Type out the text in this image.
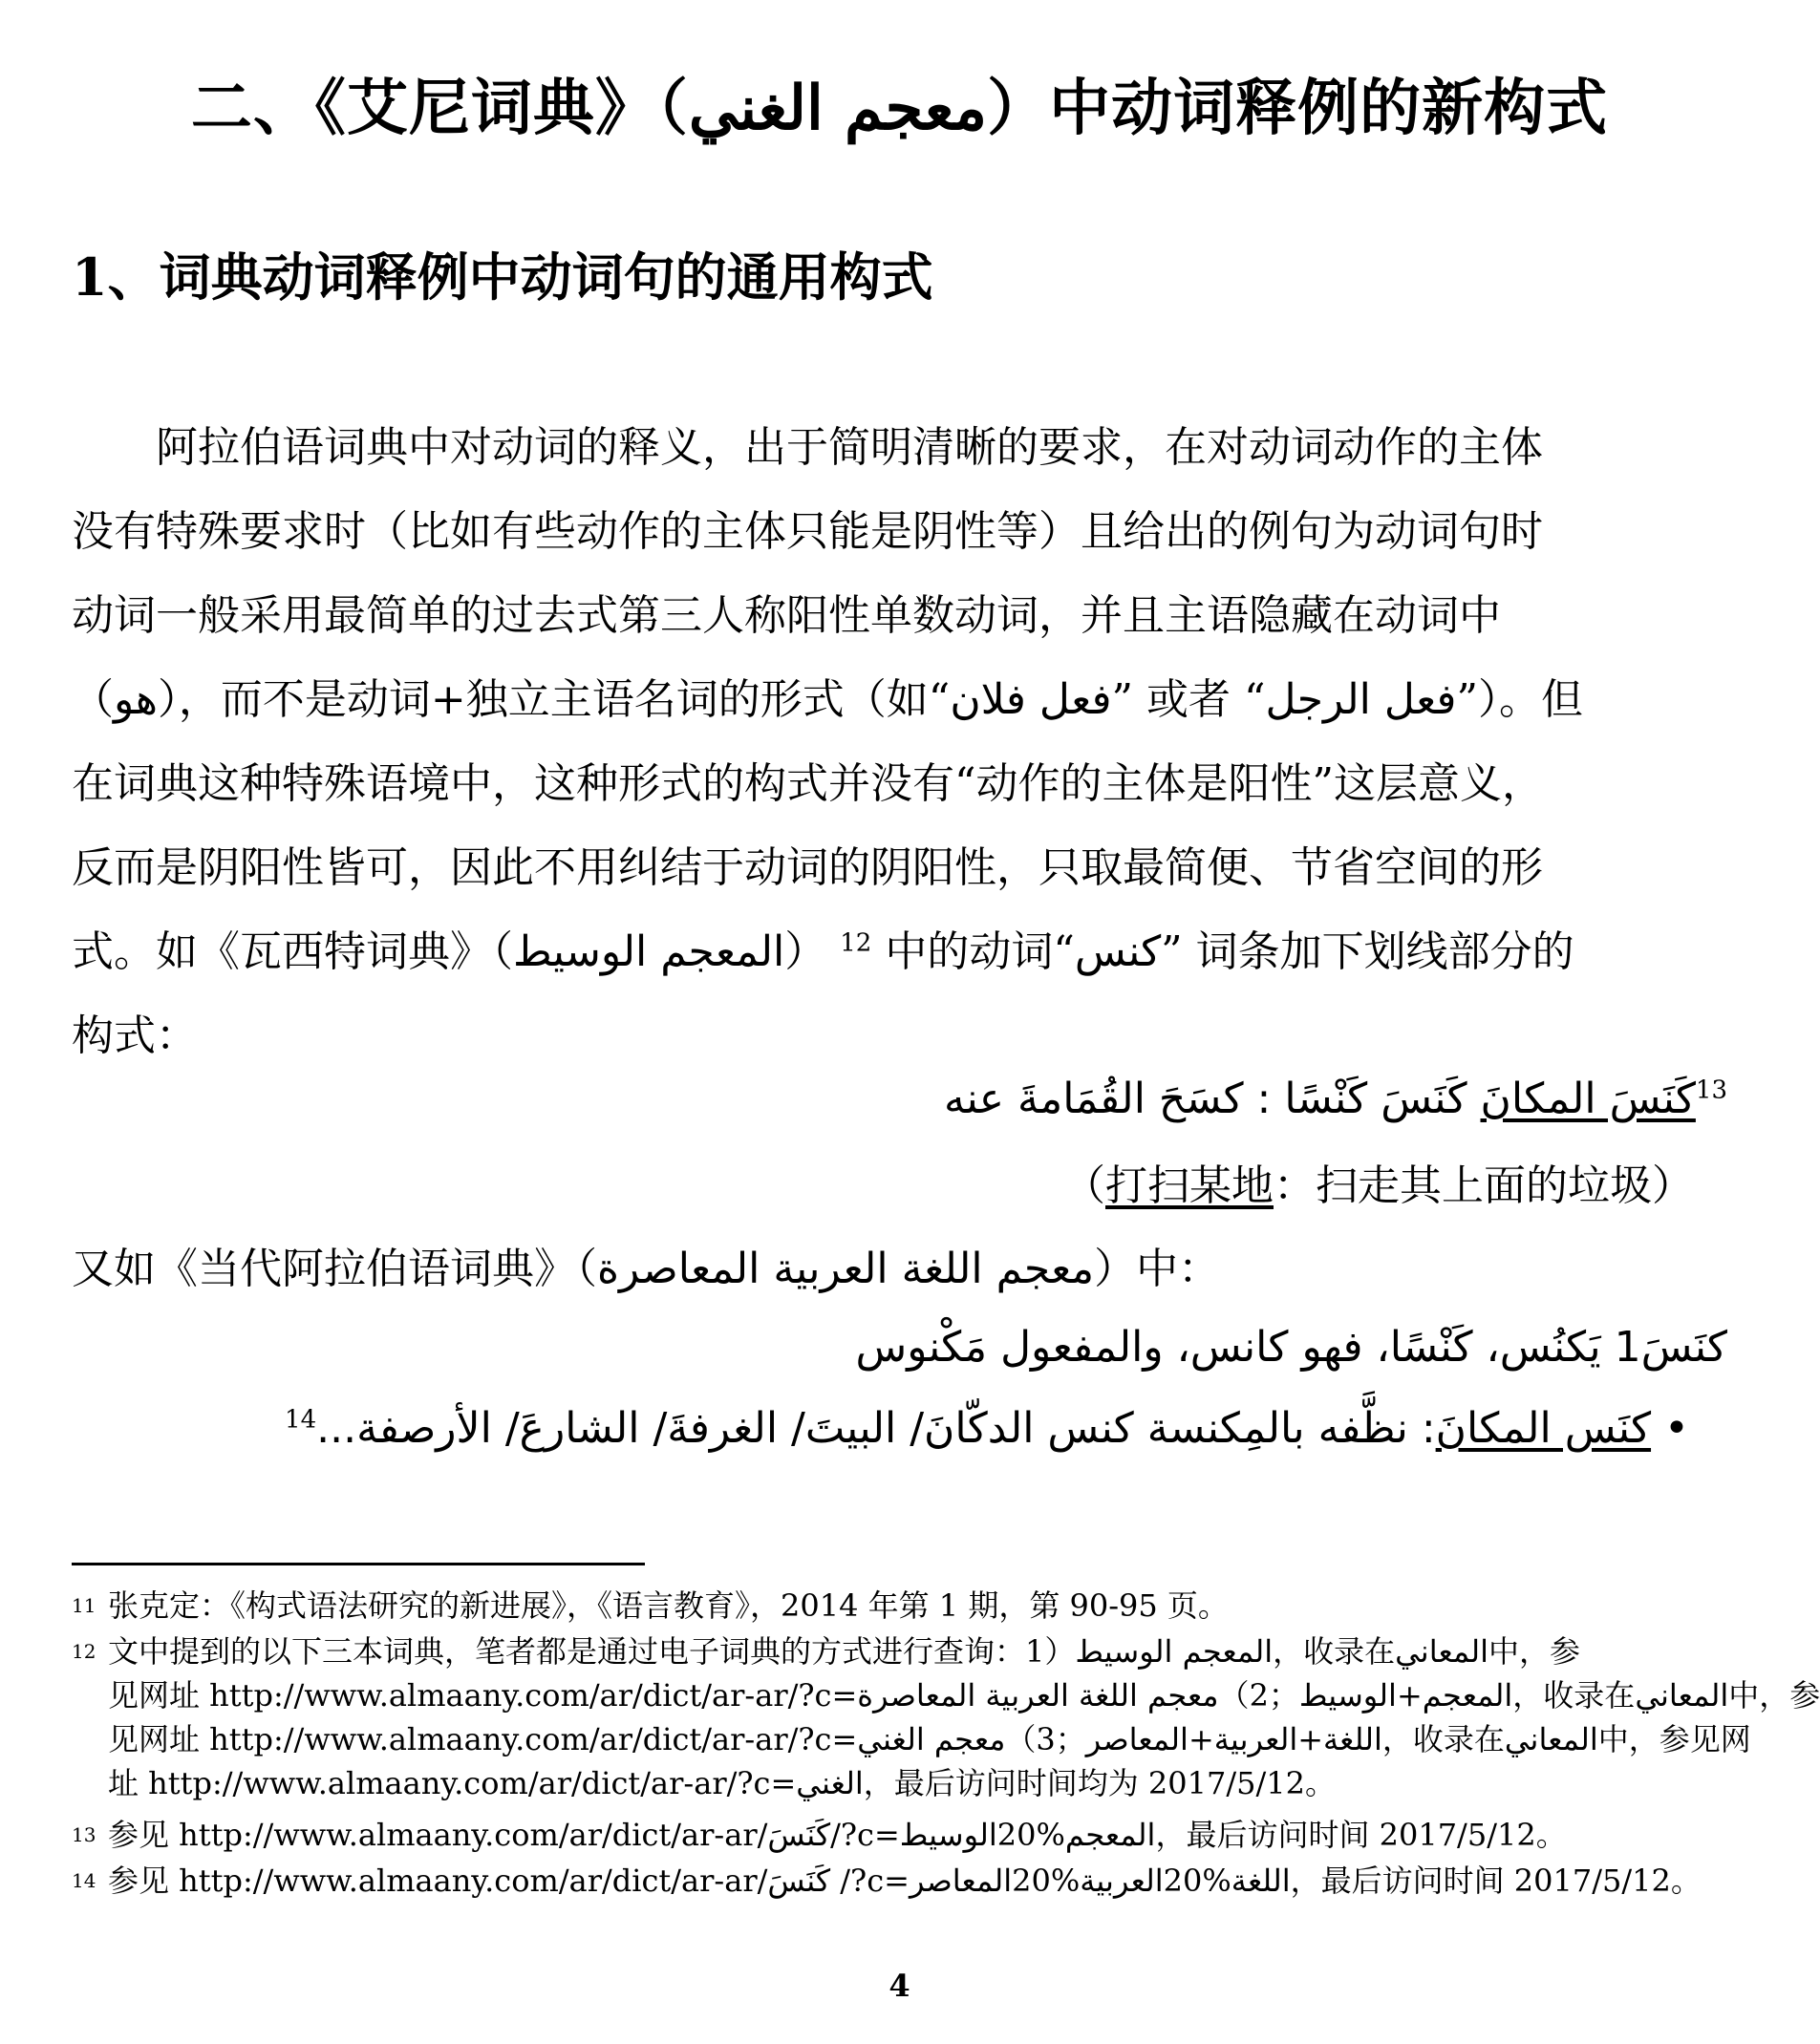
二、《艾尼词典》（معجم الغني）中动词释例的新构式
1、词典动词释例中动词句的通用构式
　　阿拉伯语词典中对动词的释义，出于简明清晰的要求，在对动词动作的主体
没有特殊要求时（比如有些动作的主体只能是阴性等）且给出的例句为动词句时
动词一般采用最简单的过去式第三人称阳性单数动词，并且主语隐藏在动词中
（هو），而不是动词+独立主语名词的形式（如“فعل فلان” 或者 “فعل الرجل”）。但
在词典这种特殊语境中，这种形式的构式并没有“动作的主体是阳性”这层意义，
反而是阴阳性皆可，因此不用纠结于动词的阴阳性，只取最简便、节省空间的形
式。如《瓦西特词典》（المعجم الوسيط） $^{12}$ 中的动词“كنس” 词条加下划线部分的
构式：
كَنَسَ المكانَ كَنَسَ كَنْسًا : كسَحَ القُمَامةَ عنه	$^{13}$
（打扫某地：扫走其上面的垃圾）
又如《当代阿拉伯语词典》（معجم اللغة العربية المعاصرة）中：
كنَسَ1 يَكنُس، كَنْسًا، فهو كانس، والمفعول مَكْنوس
$^{14}$	• كنَس المكانَ: نظَّفه بالمِكنسة كنس الدكّانَ/ البيتَ/ الغرفةَ/ الشارعَ/ الأرصفة...
11 张克定：《构式语法研究的新进展》，《语言教育》，2014 年第 1 期，第 90-95 页。
12 文中提到的以下三本词典，笔者都是通过电子词典的方式进行查询：1）المعجم الوسيط，收录在المعاني中，参
见网址 http://www.almaany.com/ar/dict/ar-ar/?c=المعجم+الوسيط；2）معجم اللغة العربية المعاصرة，收录在المعاني中，参
见网址 http://www.almaany.com/ar/dict/ar-ar/?c=اللغة+العربية+المعاصر；3）معجم الغني，收录在المعاني中，参见网
址 http://www.almaany.com/ar/dict/ar-ar/?c=الغني，最后访问时间均为 2017/5/12。
13 参见 http://www.almaany.com/ar/dict/ar-ar/كَنَسَ/?c=المعجم%20الوسيط，最后访问时间 2017/5/12。
14 参见 http://www.almaany.com/ar/dict/ar-ar/كَنَسَ /?c=اللغة%20العربية%20المعاصر，最后访问时间 2017/5/12。
4
